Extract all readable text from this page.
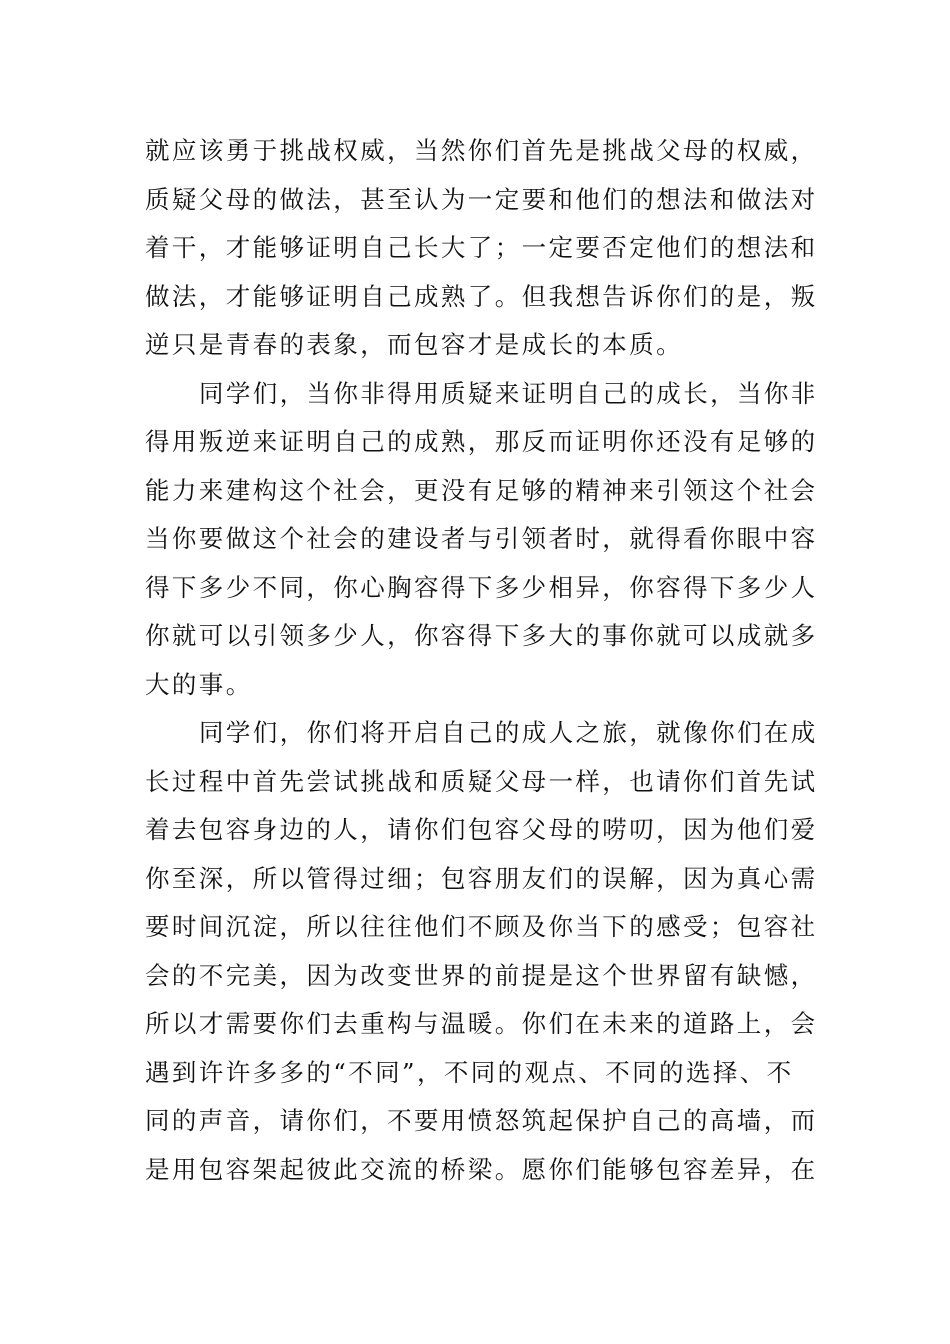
就应该勇于挑战权威，当然你们首先是挑战父母的权威，
质疑父母的做法，甚至认为一定要和他们的想法和做法对
着干，才能够证明自己长大了；一定要否定他们的想法和
做法，才能够证明自己成熟了。但我想告诉你们的是，叛
逆只是青春的表象，而包容才是成长的本质。
同学们，当你非得用质疑来证明自己的成长，当你非
得用叛逆来证明自己的成熟，那反而证明你还没有足够的
能力来建构这个社会，更没有足够的精神来引领这个社会
当你要做这个社会的建设者与引领者时，就得看你眼中容
得下多少不同，你心胸容得下多少相异，你容得下多少人
你就可以引领多少人，你容得下多大的事你就可以成就多
大的事。
同学们，你们将开启自己的成人之旅，就像你们在成
长过程中首先尝试挑战和质疑父母一样，也请你们首先试
着去包容身边的人，请你们包容父母的唠叨，因为他们爱
你至深，所以管得过细；包容朋友们的误解，因为真心需
要时间沉淀，所以往往他们不顾及你当下的感受；包容社
会的不完美，因为改变世界的前提是这个世界留有缺憾，
所以才需要你们去重构与温暖。你们在未来的道路上，会
遇到许许多多的“不同”，不同的观点、不同的选择、不
同的声音，请你们，不要用愤怒筑起保护自己的高墙，而
是用包容架起彼此交流的桥梁。愿你们能够包容差异，在
